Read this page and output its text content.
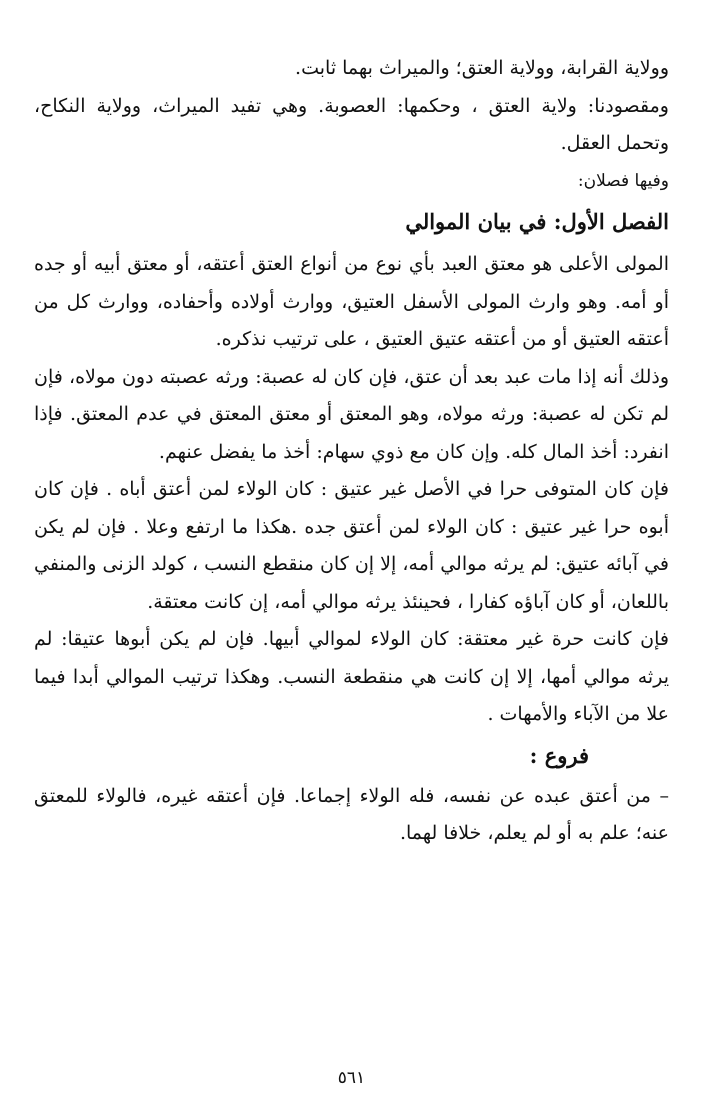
وولاية القرابة، وولاية العتق؛ والميراث بهما ثابت.

ومقصودنا: ولاية العتق ، وحكمها: العصوبة. وهي تفيد الميراث، وولاية النكاح، وتحمل العقل.

وفيها فصلان:

الفصل الأول: في بيان الموالي

المولى الأعلى هو معتق العبد بأي نوع من أنواع العتق أعتقه، أو معتق أبيه أو جده أو أمه. وهو وارث المولى الأسفل العتيق، ووارث أولاده وأحفاده، ووارث كل من أعتقه العتيق أو من أعتقه عتيق العتيق ، على ترتيب نذكره.

وذلك أنه إذا مات عبد بعد أن عتق، فإن كان له عصبة: ورثه عصبته دون مولاه، فإن لم تكن له عصبة: ورثه مولاه، وهو المعتق أو معتق المعتق في عدم المعتق. فإذا انفرد: أخذ المال كله. وإن كان مع ذوي سهام: أخذ ما يفضل عنهم.

فإن كان المتوفى حرا في الأصل غير عتيق : كان الولاء لمن أعتق أباه . فإن كان أبوه حرا غير عتيق : كان الولاء لمن أعتق جده .هكذا ما ارتفع وعلا . فإن لم يكن في آبائه عتيق: لم يرثه موالي أمه، إلا إن كان منقطع النسب ، كولد الزنى والمنفي باللعان، أو كان آباؤه كفارا ، فحينئذ يرثه موالي أمه، إن كانت معتقة.

فإن كانت حرة غير معتقة: كان الولاء لموالي أبيها. فإن لم يكن أبوها عتيقا: لم يرثه موالي أمها، إلا إن كانت هي منقطعة النسب. وهكذا ترتيب الموالي أبدا فيما علا من الآباء والأمهات .

فروع :

– من أعتق عبده عن نفسه، فله الولاء إجماعا. فإن أعتقه غيره، فالولاء للمعتق عنه؛ علم به أو لم يعلم، خلافا لهما.

٥٦١
